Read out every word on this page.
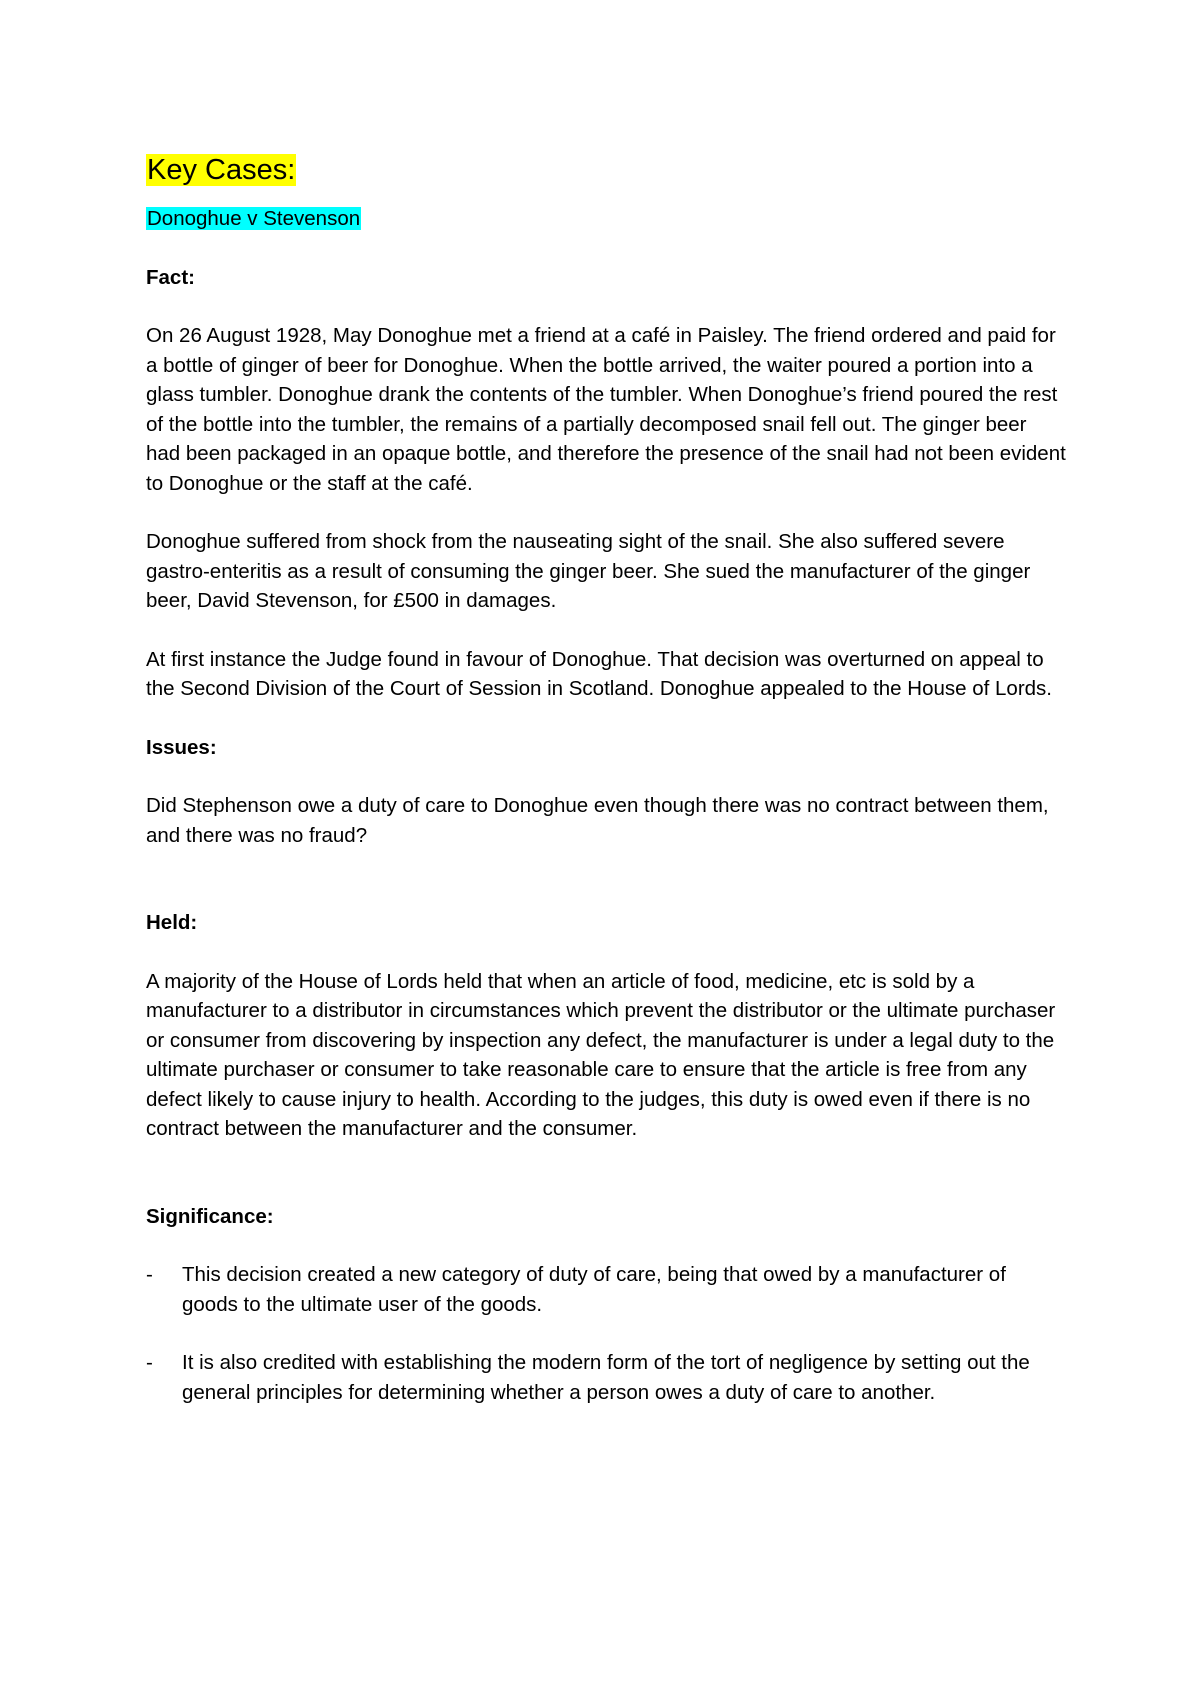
Key Cases:
Donoghue v Stevenson

Fact:

On 26 August 1928, May Donoghue met a friend at a café in Paisley. The friend ordered and paid for a bottle of ginger of beer for Donoghue. When the bottle arrived, the waiter poured a portion into a glass tumbler. Donoghue drank the contents of the tumbler. When Donoghue’s friend poured the rest of the bottle into the tumbler, the remains of a partially decomposed snail fell out. The ginger beer had been packaged in an opaque bottle, and therefore the presence of the snail had not been evident to Donoghue or the staff at the café.

Donoghue suffered from shock from the nauseating sight of the snail. She also suffered severe gastro-enteritis as a result of consuming the ginger beer. She sued the manufacturer of the ginger beer, David Stevenson, for £500 in damages.

At first instance the Judge found in favour of Donoghue. That decision was overturned on appeal to the Second Division of the Court of Session in Scotland. Donoghue appealed to the House of Lords.

Issues:

Did Stephenson owe a duty of care to Donoghue even though there was no contract between them, and there was no fraud?

Held:

A majority of the House of Lords held that when an article of food, medicine, etc is sold by a manufacturer to a distributor in circumstances which prevent the distributor or the ultimate purchaser or consumer from discovering by inspection any defect, the manufacturer is under a legal duty to the ultimate purchaser or consumer to take reasonable care to ensure that the article is free from any defect likely to cause injury to health. According to the judges, this duty is owed even if there is no contract between the manufacturer and the consumer.

Significance:

- This decision created a new category of duty of care, being that owed by a manufacturer of goods to the ultimate user of the goods.
- It is also credited with establishing the modern form of the tort of negligence by setting out the general principles for determining whether a person owes a duty of care to another.
